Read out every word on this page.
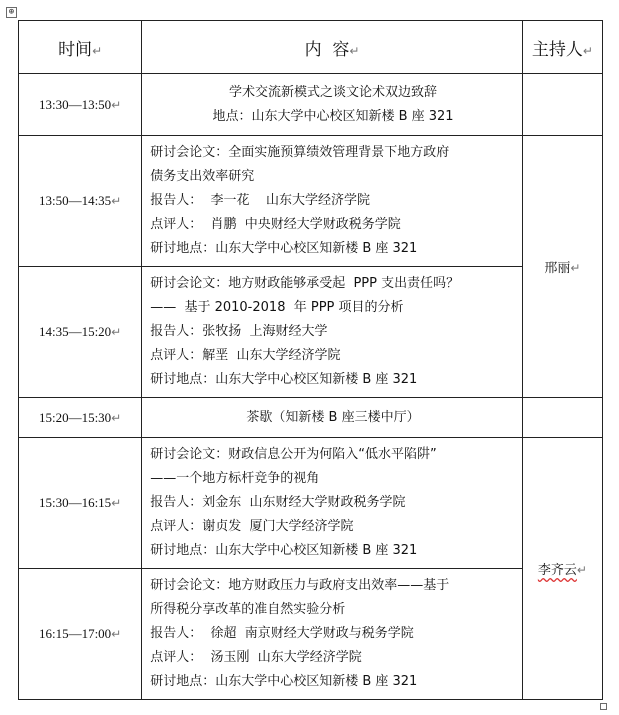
⊕
时间↵	内  容↵	主持人↵
13:30—13:50↵	学术交流新模式之谈文论术双边致辞
地点：山东大学中心校区知新楼 B 座 321	

13:50—14:35↵	研讨会论文：全面实施预算绩效管理背景下地方政府
债务支出效率研究
报告人：  李一花    山东大学经济学院
点评人：  肖鹏  中央财经大学财政税务学院
研讨地点：山东大学中心校区知新楼 B 座 321	邢丽↵
14:35—15:20↵	研讨会论文：地方财政能够承受起  PPP 支出责任吗？
——  基于 2010-2018  年 PPP 项目的分析
报告人：张牧扬  上海财经大学
点评人：解垩  山东大学经济学院
研讨地点：山东大学中心校区知新楼 B 座 321	

15:20—15:30↵	茶歇（知新楼 B 座三楼中厅）	

15:30—16:15↵	研讨会论文：财政信息公开为何陷入“低水平陷阱”
——一个地方标杆竞争的视角
报告人：刘金东  山东财经大学财政税务学院
点评人：谢贞发  厦门大学经济学院
研讨地点：山东大学中心校区知新楼 B 座 321	李齐云↵
16:15—17:00↵	研讨会论文：地方财政压力与政府支出效率——基于
所得税分享改革的准自然实验分析
报告人：  徐超  南京财经大学财政与税务学院
点评人：  汤玉刚  山东大学经济学院
研讨地点：山东大学中心校区知新楼 B 座 321	
